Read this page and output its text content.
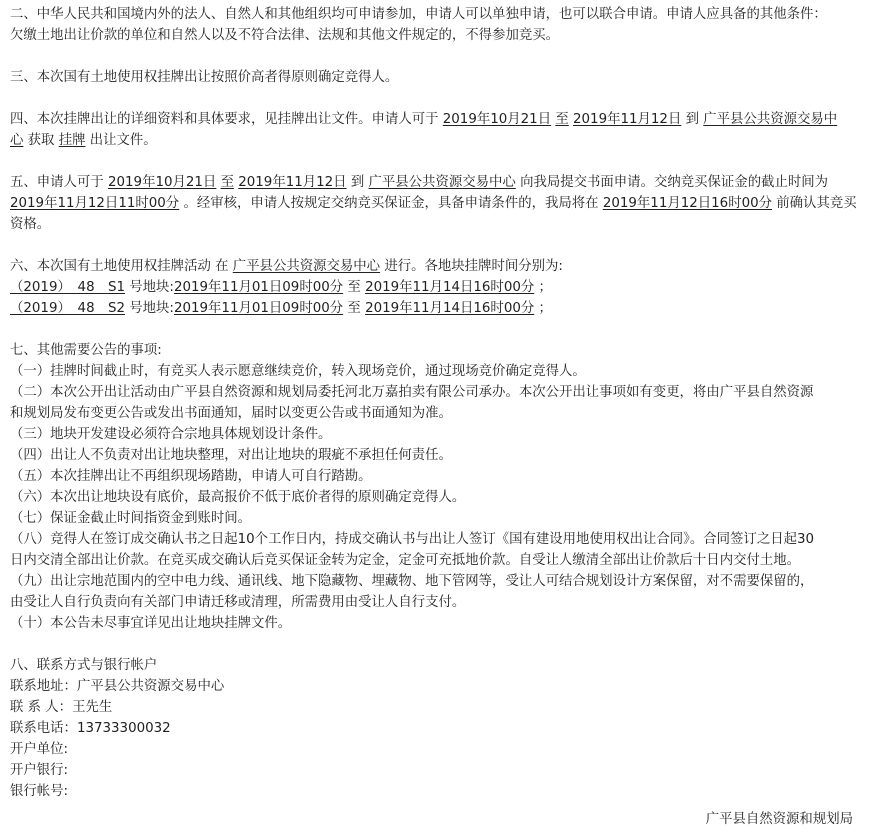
二、中华人民共和国境内外的法人、自然人和其他组织均可申请参加，申请人可以单独申请，也可以联合申请。申请人应具备的其他条件：

欠缴土地出让价款的单位和自然人以及不符合法律、法规和其他文件规定的，不得参加竞买。

三、本次国有土地使用权挂牌出让按照价高者得原则确定竞得人。

四、本次挂牌出让的详细资料和具体要求，见挂牌出让文件。申请人可于 2019年10月21日 至 2019年11月12日 到 广平县公共资源交易中

心 获取 挂牌 出让文件。

五、申请人可于 2019年10月21日 至 2019年11月12日 到 广平县公共资源交易中心 向我局提交书面申请。交纳竞买保证金的截止时间为

2019年11月12日11时00分 。经审核，申请人按规定交纳竞买保证金，具备申请条件的，我局将在 2019年11月12日16时00分 前确认其竞买

资格。

六、本次国有土地使用权挂牌活动 在 广平县公共资源交易中心 进行。各地块挂牌时间分别为:

（2019）　48　S1 号地块:2019年11月01日09时00分 至 2019年11月14日16时00分 ；

（2019）　48　S2 号地块:2019年11月01日09时00分 至 2019年11月14日16时00分 ；

七、其他需要公告的事项:

（一）挂牌时间截止时，有竞买人表示愿意继续竞价，转入现场竞价，通过现场竞价确定竞得人。

（二）本次公开出让活动由广平县自然资源和规划局委托河北万嘉拍卖有限公司承办。本次公开出让事项如有变更，将由广平县自然资源

和规划局发布变更公告或发出书面通知，届时以变更公告或书面通知为准。

（三）地块开发建设必须符合宗地具体规划设计条件。

（四）出让人不负责对出让地块整理，对出让地块的瑕疵不承担任何责任。

（五）本次挂牌出让不再组织现场踏勘，申请人可自行踏勘。

（六）本次出让地块设有底价，最高报价不低于底价者得的原则确定竞得人。

（七）保证金截止时间指资金到账时间。

（八）竞得人在签订成交确认书之日起10个工作日内，持成交确认书与出让人签订《国有建设用地使用权出让合同》。合同签订之日起30

日内交清全部出让价款。在竞买成交确认后竞买保证金转为定金，定金可充抵地价款。自受让人缴清全部出让价款后十日内交付土地。

（九）出让宗地范围内的空中电力线、通讯线、地下隐藏物、埋藏物、地下管网等，受让人可结合规划设计方案保留，对不需要保留的，

由受让人自行负责向有关部门申请迁移或清理，所需费用由受让人自行支付。

（十）本公告未尽事宜详见出让地块挂牌文件。

八、联系方式与银行帐户

联系地址：广平县公共资源交易中心

联 系 人：王先生

联系电话：13733300032

开户单位:

开户银行:

银行帐号:

广平县自然资源和规划局
